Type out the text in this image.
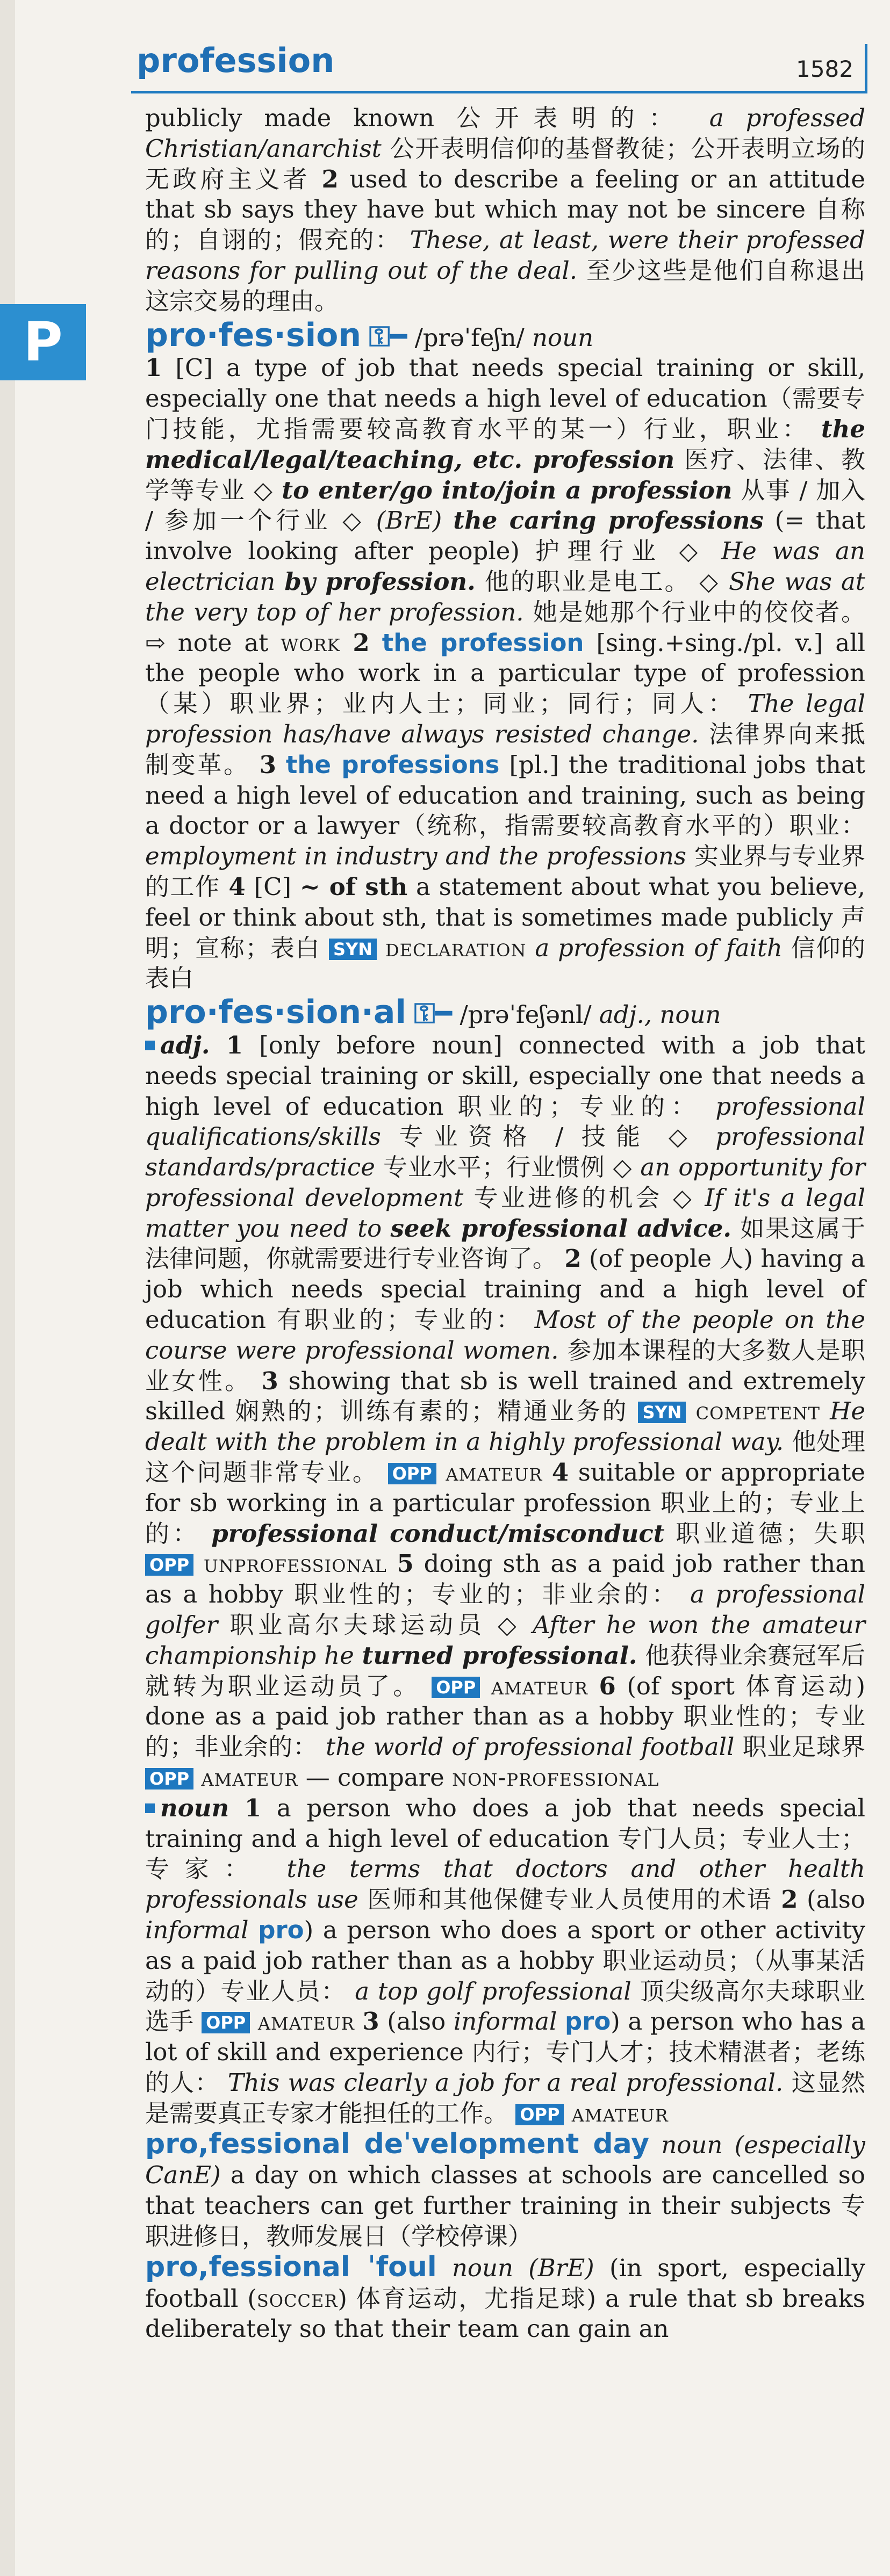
P
profession	1582

publicly made known 公开表明的： a professed Christian/anarchist 公开表明信仰的基督教徒；公开表明立场的无政府主义者 2 used to describe a feeling or an attitude that sb says they have but which may not be sincere 自称的；自诩的；假充的： These, at least, were their professed reasons for pulling out of the deal. 至少这些是他们自称退出这宗交易的理由。

pro·fes·sion ⚿━ /prəˈfeʃn/ noun
1 [C] a type of job that needs special training or skill, especially one that needs a high level of education（需要专门技能，尤指需要较高教育水平的某一）行业，职业： the medical/legal/teaching, etc. profession 医疗、法律、教学等专业 ◇ to enter/go into/join a profession 从事 / 加入 / 参加一个行业 ◇ (BrE) the caring professions (= that involve looking after people) 护理行业 ◇ He was an electrician by profession. 他的职业是电工。 ◇ She was at the very top of her profession. 她是她那个行业中的佼佼者。 ⇨ note at work 2 the profession [sing.+sing./pl. v.] all the people who work in a particular type of profession（某）职业界；业内人士；同业；同行；同人： The legal profession has/have always resisted change. 法律界向来抵制变革。 3 the professions [pl.] the traditional jobs that need a high level of education and training, such as being a doctor or a lawyer（统称，指需要较高教育水平的）职业： employment in industry and the professions 实业界与专业界的工作 4 [C] ~ of sth a statement about what you believe, feel or think about sth, that is sometimes made publicly 声明；宣称；表白 SYN declaration a profession of faith 信仰的表白

pro·fes·sion·al ⚿━ /prəˈfeʃənl/ adj., noun

adj. 1 [only before noun] connected with a job that needs special training or skill, especially one that needs a high level of education 职业的；专业的： professional qualifications/skills 专业资格 / 技能 ◇ professional standards/practice 专业水平；行业惯例 ◇ an opportunity for professional development 专业进修的机会 ◇ If it's a legal matter you need to seek professional advice. 如果这属于法律问题，你就需要进行专业咨询了。 2 (of people 人) having a job which needs special training and a high level of education 有职业的；专业的： Most of the people on the course were professional women. 参加本课程的大多数人是职业女性。 3 showing that sb is well trained and extremely skilled 娴熟的；训练有素的；精通业务的 SYN competent He dealt with the problem in a highly professional way. 他处理这个问题非常专业。 OPP amateur 4 suitable or appropriate for sb working in a particular profession 职业上的；专业上的： professional conduct/misconduct 职业道德；失职 OPP unprofessional 5 doing sth as a paid job rather than as a hobby 职业性的；专业的；非业余的： a professional golfer 职业高尔夫球运动员 ◇ After he won the amateur championship he turned professional. 他获得业余赛冠军后就转为职业运动员了。 OPP amateur 6 (of sport 体育运动) done as a paid job rather than as a hobby 职业性的；专业的；非业余的： the world of professional football 职业足球界 OPP amateur — compare non-professional

noun 1 a person who does a job that needs special training and a high level of education 专门人员；专业人士；专家： the terms that doctors and other health professionals use 医师和其他保健专业人员使用的术语 2 (also informal pro) a person who does a sport or other activity as a paid job rather than as a hobby 职业运动员；（从事某活动的）专业人员： a top golf professional 顶尖级高尔夫球职业选手 OPP amateur 3 (also informal pro) a person who has a lot of skill and experience 内行；专门人才；技术精湛者；老练的人： This was clearly a job for a real professional. 这显然是需要真正专家才能担任的工作。 OPP amateur

pro,fessional deˈvelopment day noun (especially CanE) a day on which classes at schools are cancelled so that teachers can get further training in their subjects 专职进修日，教师发展日（学校停课）

pro,fessional ˈfoul noun (BrE) (in sport, especially football (soccer) 体育运动，尤指足球) a rule that sb breaks deliberately so that their team can gain an
